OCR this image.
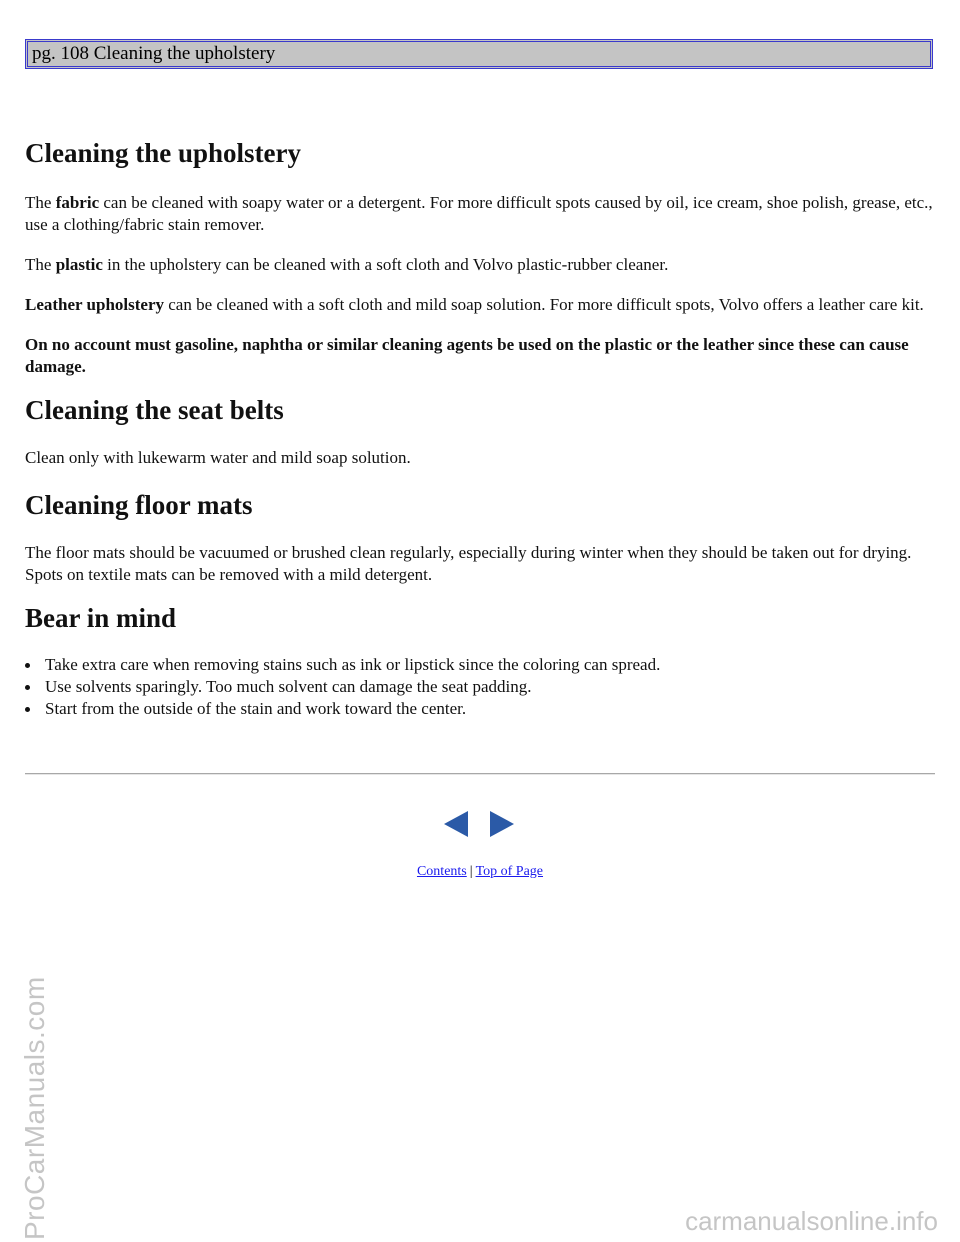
pg. 108 Cleaning the upholstery
Cleaning the upholstery

The fabric can be cleaned with soapy water or a detergent. For more difficult spots caused by oil, ice cream, shoe polish, grease, etc., use a clothing/fabric stain remover.

The plastic in the upholstery can be cleaned with a soft cloth and Volvo plastic-rubber cleaner.

Leather upholstery can be cleaned with a soft cloth and mild soap solution. For more difficult spots, Volvo offers a leather care kit.

On no account must gasoline, naphtha or similar cleaning agents be used on the plastic or the leather since these can cause damage.

Cleaning the seat belts

Clean only with lukewarm water and mild soap solution.

Cleaning floor mats

The floor mats should be vacuumed or brushed clean regularly, especially during winter when they should be taken out for drying. Spots on textile mats can be removed with a mild detergent.

Bear in mind
Take extra care when removing stains such as ink or lipstick since the coloring can spread.
Use solvents sparingly. Too much solvent can damage the seat padding.
Start from the outside of the stain and work toward the center.
Contents | Top of Page
ProCarManuals.com	carmanualsonline.info
